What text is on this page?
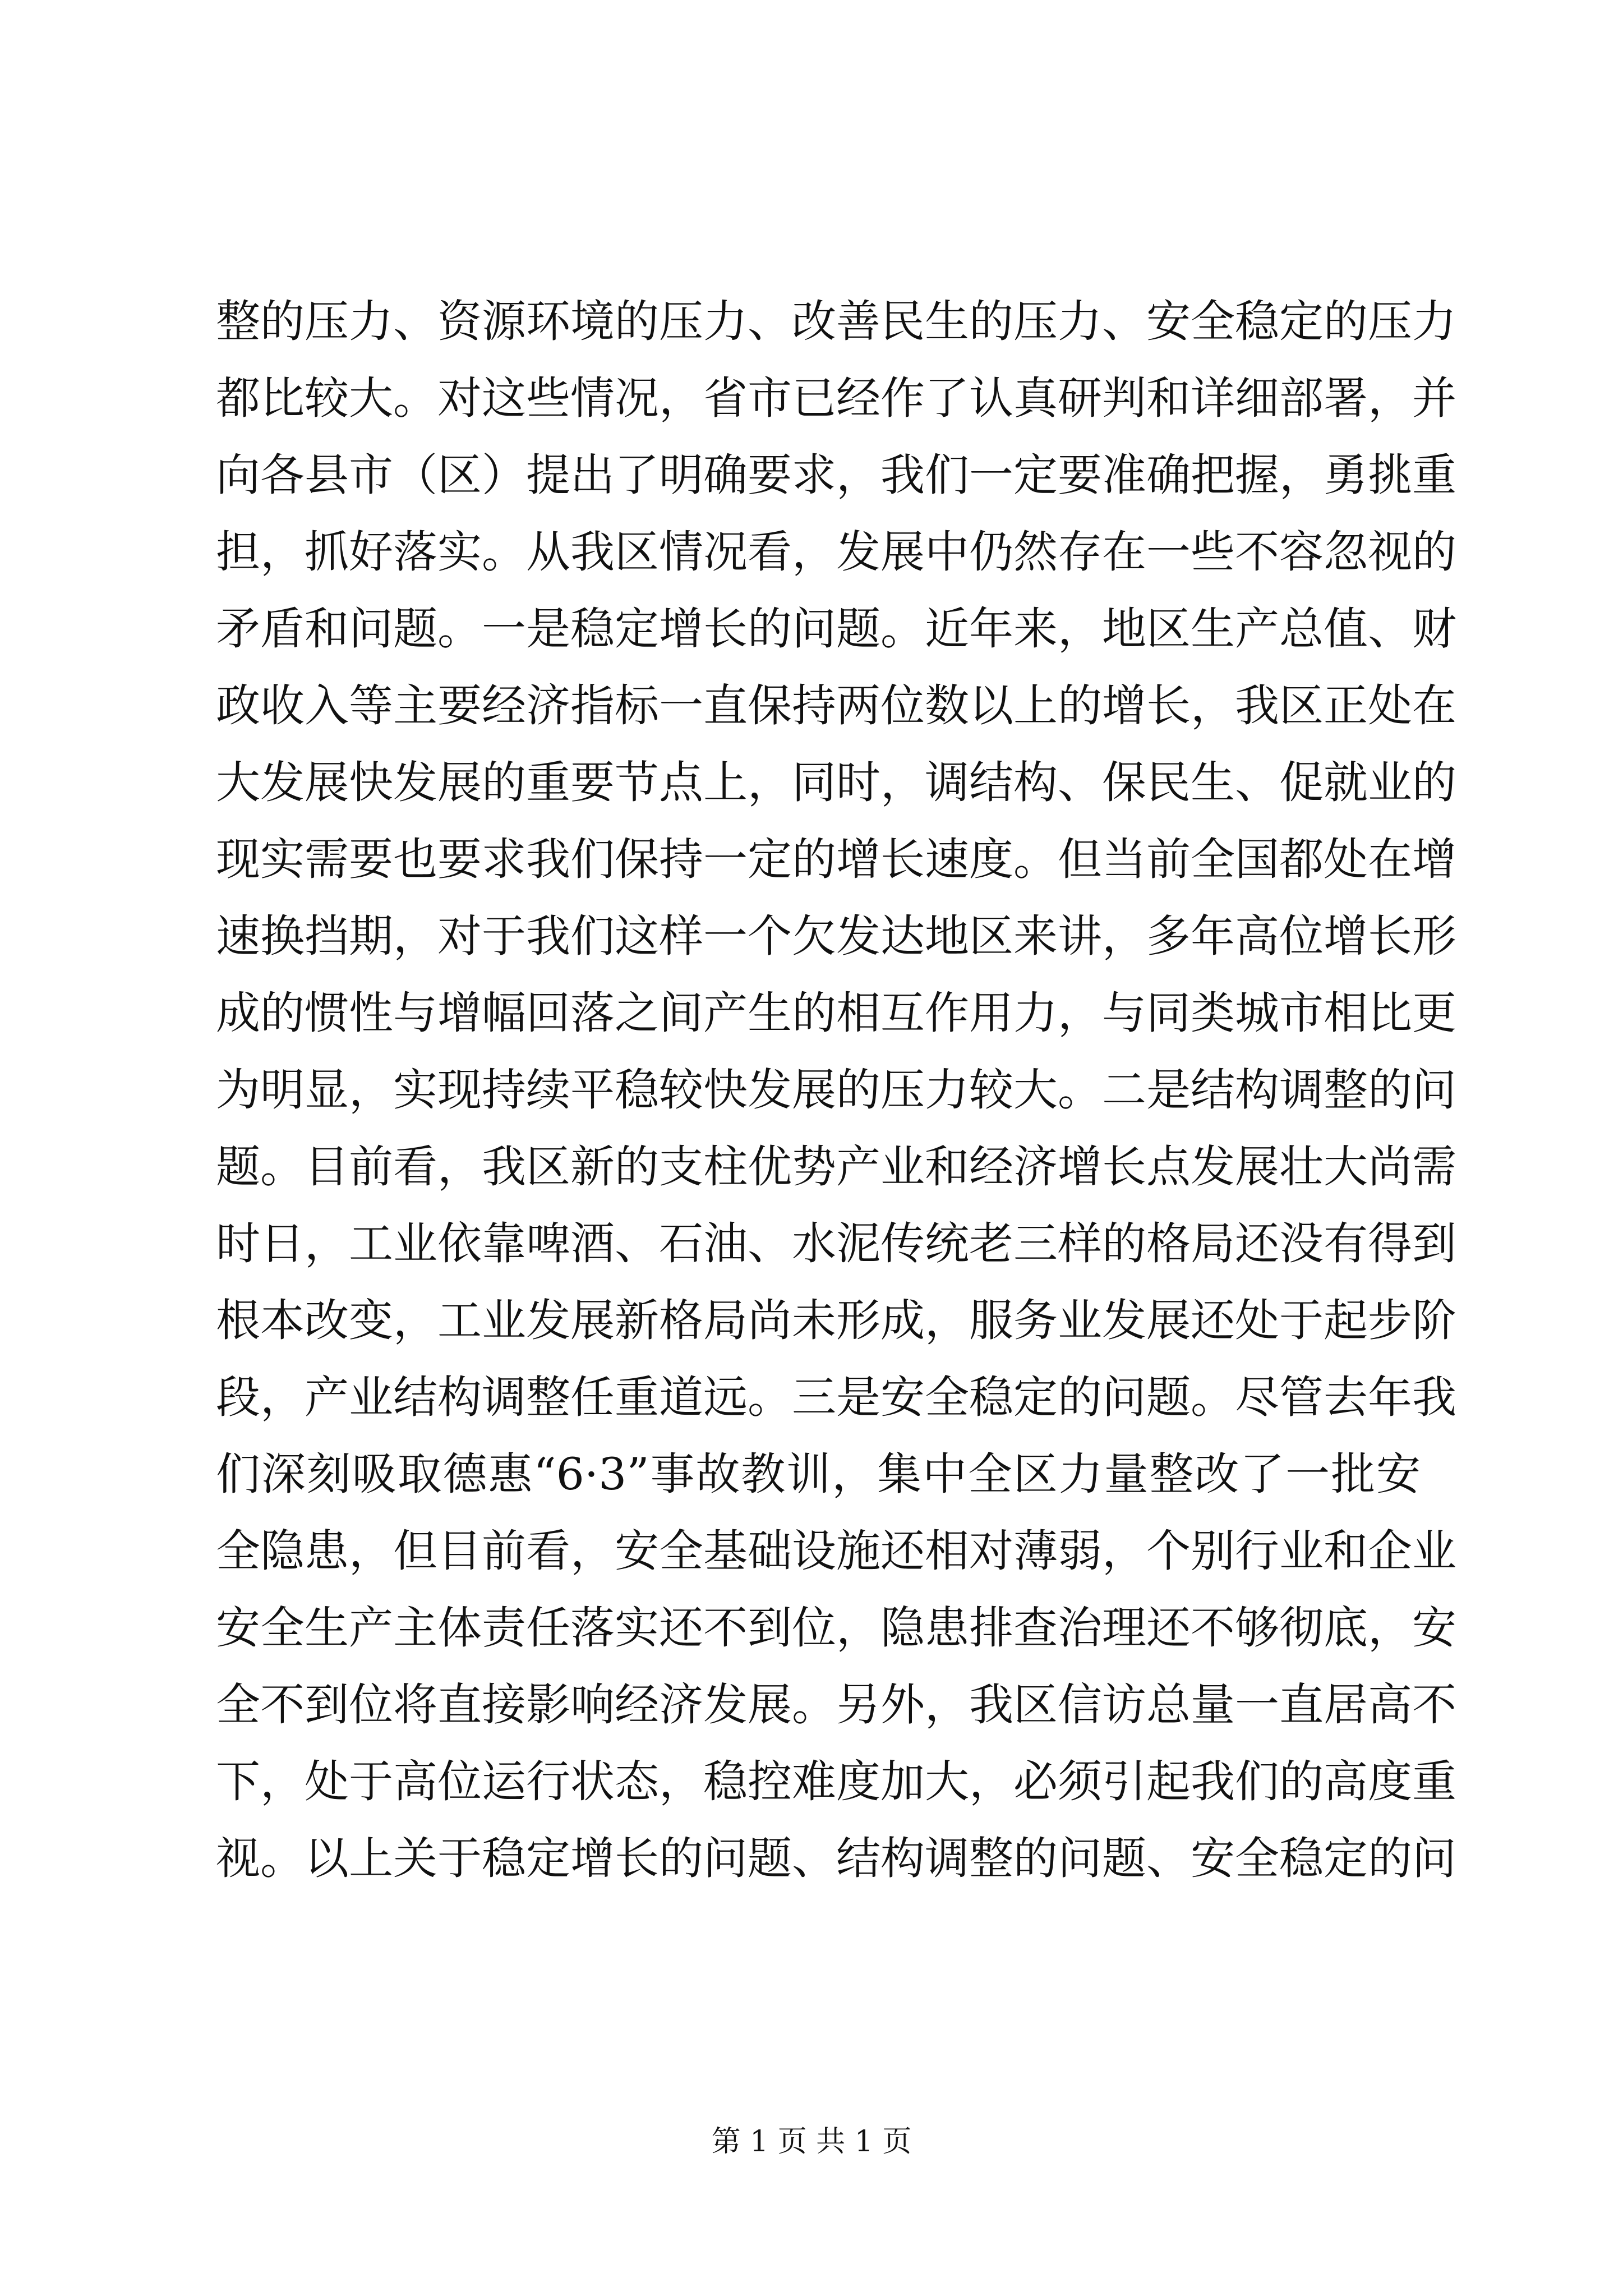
整的压力、资源环境的压力、改善民生的压力、安全稳定的压力
都比较大。对这些情况，省市已经作了认真研判和详细部署，并
向各县市（区）提出了明确要求，我们一定要准确把握，勇挑重
担，抓好落实。从我区情况看，发展中仍然存在一些不容忽视的
矛盾和问题。一是稳定增长的问题。近年来，地区生产总值、财
政收入等主要经济指标一直保持两位数以上的增长，我区正处在
大发展快发展的重要节点上，同时，调结构、保民生、促就业的
现实需要也要求我们保持一定的增长速度。但当前全国都处在增
速换挡期，对于我们这样一个欠发达地区来讲，多年高位增长形
成的惯性与增幅回落之间产生的相互作用力，与同类城市相比更
为明显，实现持续平稳较快发展的压力较大。二是结构调整的问
题。目前看，我区新的支柱优势产业和经济增长点发展壮大尚需
时日，工业依靠啤酒、石油、水泥传统老三样的格局还没有得到
根本改变，工业发展新格局尚未形成，服务业发展还处于起步阶
段，产业结构调整任重道远。三是安全稳定的问题。尽管去年我
们深刻吸取德惠“6·3”事故教训，集中全区力量整改了一批安
全隐患，但目前看，安全基础设施还相对薄弱，个别行业和企业
安全生产主体责任落实还不到位，隐患排查治理还不够彻底，安
全不到位将直接影响经济发展。另外，我区信访总量一直居高不
下，处于高位运行状态，稳控难度加大，必须引起我们的高度重
视。以上关于稳定增长的问题、结构调整的问题、安全稳定的问
第 1 页 共 1 页
